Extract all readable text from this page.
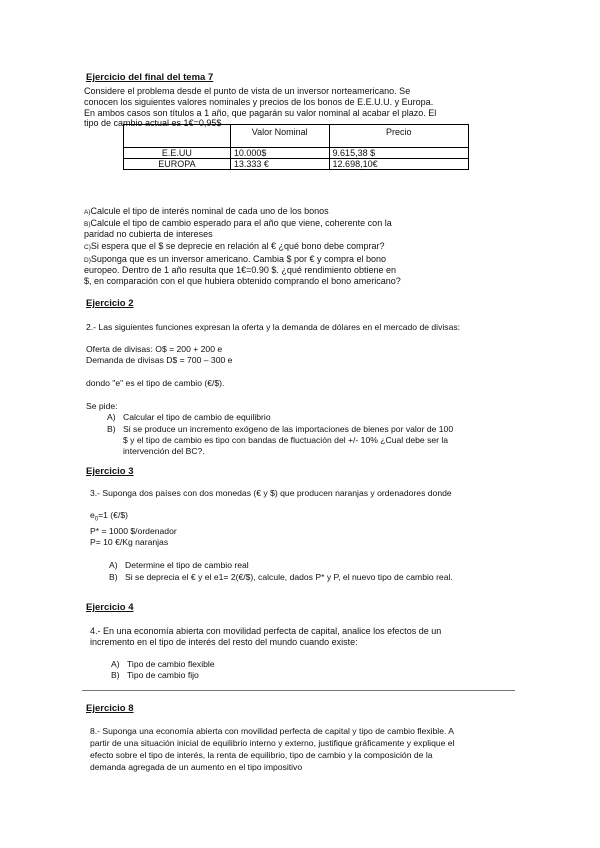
Ejercicio del final del tema 7
Considere el problema desde el punto de vista de un inversor norteamericano. Se
conocen los siguientes valores nominales y precios de los bonos de E.E.U.U. y Europa.
En ambos casos son títulos a 1 año, que pagarán su valor nominal al acabar el plazo. El
tipo de cambio actual es 1€=0,95$
	Valor Nominal	Precio
E.E.UU	10.000$	9.615,38 $
EUROPA	13.333 €	12.698,10€
A)Calcule el tipo de interés nominal de cada uno de los bonos
B)Calcule el tipo de cambio esperado para el año que viene, coherente con la
paridad no cubierta de intereses
C)Si espera que el $ se deprecie en relación al € ¿qué bono debe comprar?
D)Suponga que es un inversor americano. Cambia $ por € y compra el bono
europeo. Dentro de 1 año resulta que 1€=0.90 $. ¿qué rendimiento obtiene en
$, en comparación con el que hubiera obtenido comprando el bono americano?
Ejercicio 2
2.- Las siguientes funciones expresan la oferta y la demanda de dólares en el mercado de divisas:
Oferta de divisas: O$ = 200 + 200 e
Demanda de divisas D$ = 700 – 300 e
dondo "e" es el tipo de cambio (€/$).
Se pide:
A) Calcular el tipo de cambio de equilibrio
B) Si se produce un incremento exógeno de las importaciones de bienes por valor de 100
$ y el tipo de cambio es tipo con bandas de fluctuación del +/- 10% ¿Cual debe ser la
intervención del BC?.
Ejercicio 3
3.- Suponga dos países con dos monedas (€ y $) que producen naranjas y ordenadores donde
$e_0=1$ (€/$)
P* = 1000 $/ordenador
P= 10 €/Kg naranjas
A) Determine el tipo de cambio real
B) Si se deprecia el € y el e1= 2(€/$), calcule, dados P* y P, el nuevo tipo de cambio real.
Ejercicio 4
4.- En una economía abierta con movilidad perfecta de capital, analice los efectos de un
incremento en el tipo de interés del resto del mundo cuando existe:
A) Tipo de cambio flexible
B) Tipo de cambio fijo
Ejercicio 8
8.- Suponga una economía abierta con movilidad perfecta de capital y tipo de cambio flexible. A
partir de una situación inicial de equilibrio interno y externo, justifique gráficamente y explique el
efecto sobre el tipo de interés, la renta de equilibrio, tipo de cambio y la composición de la
demanda agregada de un aumento en el tipo impositivo
